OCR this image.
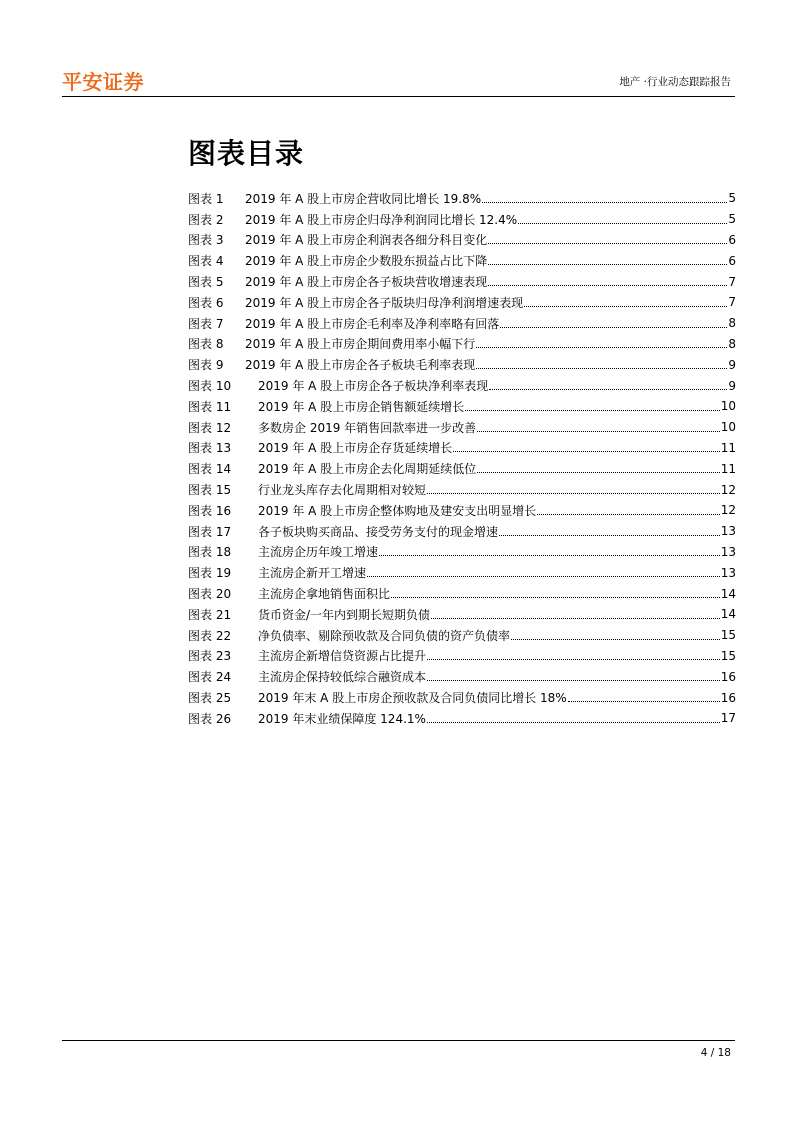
平安证券	地产 ·行业动态跟踪报告
图表目录
图表 1	2019 年 A 股上市房企营收同比增长 19.8%	5
图表 2	2019 年 A 股上市房企归母净利润同比增长 12.4%	5
图表 3	2019 年 A 股上市房企利润表各细分科目变化	6
图表 4	2019 年 A 股上市房企少数股东损益占比下降	6
图表 5	2019 年 A 股上市房企各子板块营收增速表现	7
图表 6	2019 年 A 股上市房企各子版块归母净利润增速表现	7
图表 7	2019 年 A 股上市房企毛利率及净利率略有回落	8
图表 8	2019 年 A 股上市房企期间费用率小幅下行	8
图表 9	2019 年 A 股上市房企各子板块毛利率表现	9
图表 10	2019 年 A 股上市房企各子板块净利率表现	9
图表 11	2019 年 A 股上市房企销售额延续增长	10
图表 12	多数房企 2019 年销售回款率进一步改善	10
图表 13	2019 年 A 股上市房企存货延续增长	11
图表 14	2019 年 A 股上市房企去化周期延续低位	11
图表 15	行业龙头库存去化周期相对较短	12
图表 16	2019 年 A 股上市房企整体购地及建安支出明显增长	12
图表 17	各子板块购买商品、接受劳务支付的现金增速	13
图表 18	主流房企历年竣工增速	13
图表 19	主流房企新开工增速	13
图表 20	主流房企拿地销售面积比	14
图表 21	货币资金/一年内到期长短期负债	14
图表 22	净负债率、剔除预收款及合同负债的资产负债率	15
图表 23	主流房企新增信贷资源占比提升	15
图表 24	主流房企保持较低综合融资成本	16
图表 25	2019 年末 A 股上市房企预收款及合同负债同比增长 18%	16
图表 26	2019 年末业绩保障度 124.1%	17
4 / 18
